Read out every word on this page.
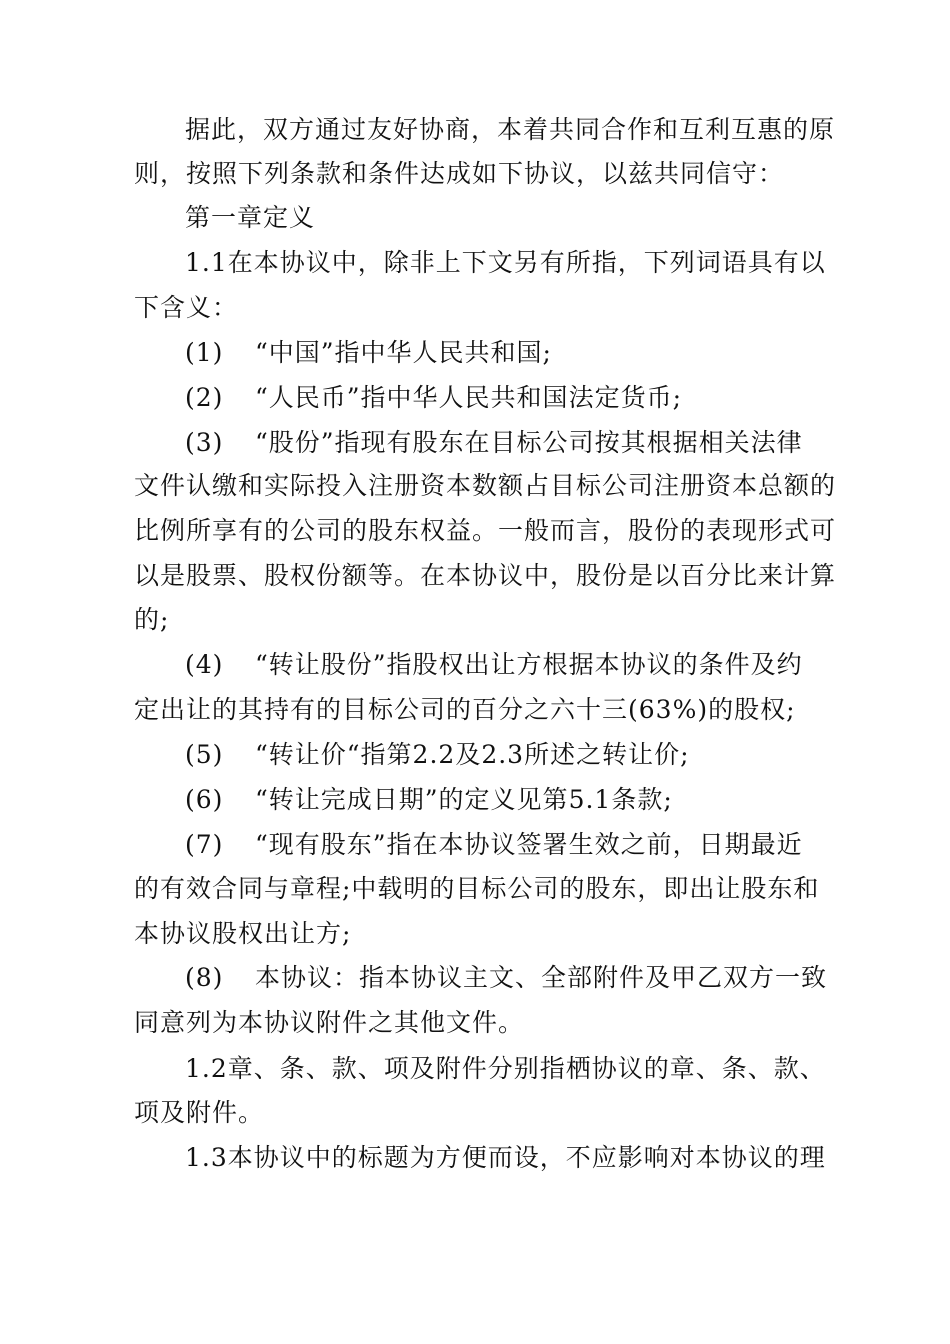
据此，双方通过友好协商，本着共同合作和互利互惠的原
则，按照下列条款和条件达成如下协议，以兹共同信守：
第一章定义
1.1在本协议中，除非上下文另有所指，下列词语具有以
下含义：
(1) “中国”指中华人民共和国;
(2) “人民币”指中华人民共和国法定货币;
(3) “股份”指现有股东在目标公司按其根据相关法律
文件认缴和实际投入注册资本数额占目标公司注册资本总额的
比例所享有的公司的股东权益。一般而言，股份的表现形式可
以是股票、股权份额等。在本协议中，股份是以百分比来计算
的;
(4) “转让股份”指股权出让方根据本协议的条件及约
定出让的其持有的目标公司的百分之六十三(63%)的股权;
(5) “转让价“指第2.2及2.3所述之转让价;
(6) “转让完成日期”的定义见第5.1条款;
(7) “现有股东”指在本协议签署生效之前，日期最近
的有效合同与章程;中载明的目标公司的股东，即出让股东和
本协议股权出让方;
(8) 本协议：指本协议主文、全部附件及甲乙双方一致
同意列为本协议附件之其他文件。
1.2章、条、款、项及附件分别指栖协议的章、条、款、
项及附件。
1.3本协议中的标题为方便而设，不应影响对本协议的理
